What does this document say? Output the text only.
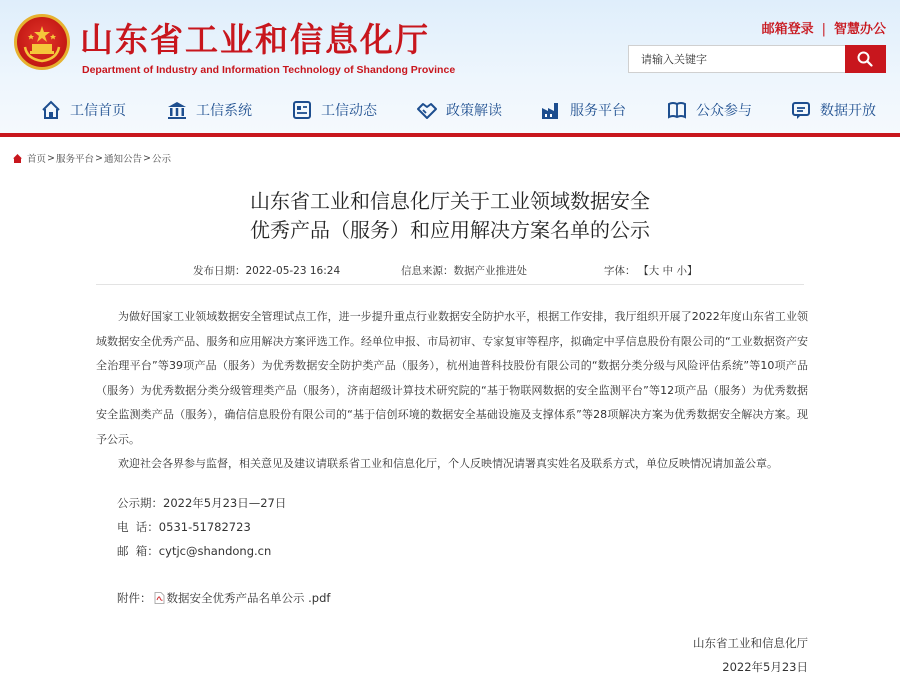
山东省工业和信息化厅
Department of Industry and Information Technology of Shandong Province
邮箱登录 | 智慧办公
请输入关键字
工信首页	工信系统	工信动态	政策解读	服务平台	公众参与	数据开放
首页 > 服务平台 > 通知公告 > 公示
山东省工业和信息化厅关于工业领域数据安全
优秀产品（服务）和应用解决方案名单的公示
发布日期：2022-05-23 16:24	信息来源：数据产业推进处	字体： 【大 中 小】

为做好国家工业领域数据安全管理试点工作，进一步提升重点行业数据安全防护水平，根据工作安排，我厅组织开展了2022年度山东省工业领域数据安全优秀产品、服务和应用解决方案评选工作。经单位申报、市局初审、专家复审等程序，拟确定中孚信息股份有限公司的“工业数据资产安全治理平台”等39项产品（服务）为优秀数据安全防护类产品（服务），杭州迪普科技股份有限公司的“数据分类分级与风险评估系统”等10项产品（服务）为优秀数据分类分级管理类产品（服务），济南超级计算技术研究院的“基于物联网数据的安全监测平台”等12项产品（服务）为优秀数据安全监测类产品（服务），确信信息股份有限公司的“基于信创环境的数据安全基础设施及支撑体系”等28项解决方案为优秀数据安全解决方案。现予公示。

欢迎社会各界参与监督，相关意见及建议请联系省工业和信息化厅，个人反映情况请署真实姓名及联系方式，单位反映情况请加盖公章。

公示期：2022年5月23日—27日
电  话：0531-51782723
邮  箱：cytjc@shandong.cn
附件： 数据安全优秀产品名单公示 .pdf
山东省工业和信息化厅
2022年5月23日
